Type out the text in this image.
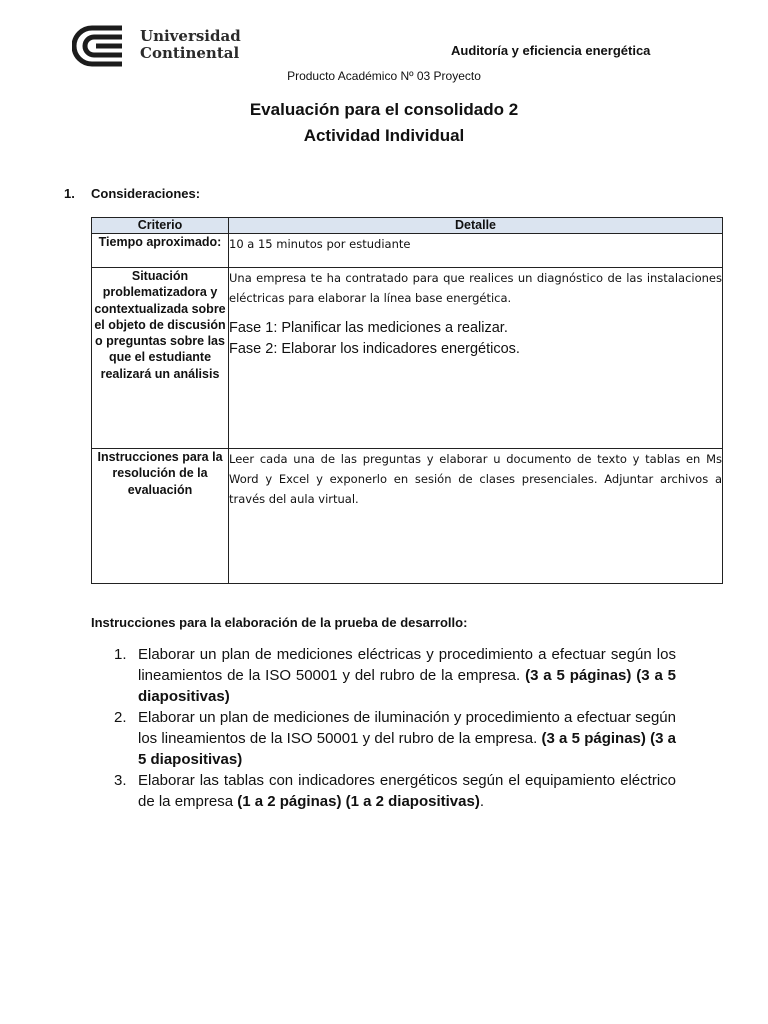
Universidad
Continental	Auditoría y eficiencia energética
Producto Académico Nº 03 Proyecto
Evaluación para el consolidado 2
Actividad Individual
1. Consideraciones:
Criterio	Detalle
Tiempo aproximado:	10 a 15 minutos por estudiante

Situación problematizadora y contextualizada sobre el objeto de discusión o preguntas sobre las que el estudiante realizará un análisis	Una empresa te ha contratado para que realices un diagnóstico de las instalaciones eléctricas para elaborar la línea base energética.

Fase 1: Planificar las mediciones a realizar.

Fase 2: Elaborar los indicadores energéticos.

Instrucciones para la resolución de la evaluación	Leer cada una de las preguntas y elaborar u documento de texto y tablas en Ms Word y Excel y exponerlo en sesión de clases presenciales. Adjuntar archivos a través del aula virtual.

Instrucciones para la elaboración de la prueba de desarrollo:
1. Elaborar un plan de mediciones eléctricas y procedimiento a efectuar según los lineamientos de la ISO 50001 y del rubro de la empresa. (3 a 5 páginas) (3 a 5 diapositivas)
2. Elaborar un plan de mediciones de iluminación y procedimiento a efectuar según los lineamientos de la ISO 50001 y del rubro de la empresa. (3 a 5 páginas) (3 a 5 diapositivas)
3. Elaborar las tablas con indicadores energéticos según el equipamiento eléctrico de la empresa (1 a 2 páginas) (1 a 2 diapositivas).
